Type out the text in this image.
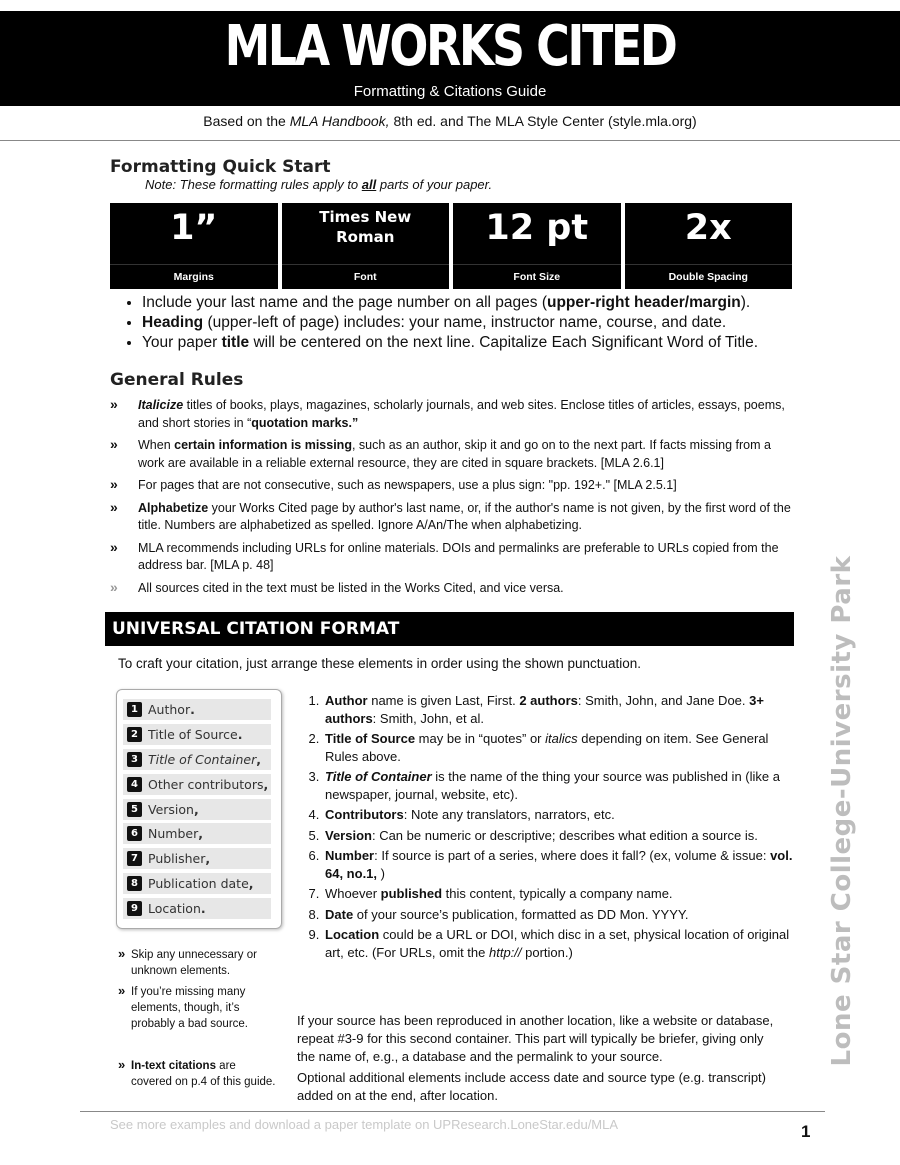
MLA WORKS CITED
Formatting & Citations Guide
Based on the MLA Handbook, 8th ed. and The MLA Style Center (style.mla.org)
Formatting Quick Start
Note: These formatting rules apply to all parts of your paper.
1”
Margins
Times New Roman
Font
12 pt
Font Size
2x
Double Spacing
• Include your last name and the page number on all pages (upper-right header/margin).
• Heading (upper-left of page) includes: your name, instructor name, course, and date.
• Your paper title will be centered on the next line. Capitalize Each Significant Word of Title.
General Rules
» Italicize titles of books, plays, magazines, scholarly journals, and web sites. Enclose titles of articles, essays, poems, and short stories in “quotation marks.”
» When certain information is missing, such as an author, skip it and go on to the next part. If facts missing from a work are available in a reliable external resource, they are cited in square brackets. [MLA 2.6.1]
» For pages that are not consecutive, such as newspapers, use a plus sign: "pp. 192+." [MLA 2.5.1]
» Alphabetize your Works Cited page by author's last name, or, if the author's name is not given, by the first word of the title. Numbers are alphabetized as spelled. Ignore A/An/The when alphabetizing.
» MLA recommends including URLs for online materials. DOIs and permalinks are preferable to URLs copied from the address bar. [MLA p. 48]
» All sources cited in the text must be listed in the Works Cited, and vice versa.
UNIVERSAL CITATION FORMAT
To craft your citation, just arrange these elements in order using the shown punctuation.
1 Author .
2 Title of Source .
3 Title of Container ,
4 Other contributors ,
5 Version ,
6 Number ,
7 Publisher ,
8 Publication date ,
9 Location .
» Skip any unnecessary or unknown elements.
» If you’re missing many elements, though, it’s probably a bad source.
» In-text citations are covered on p.4 of this guide.
1. Author name is given Last, First. 2 authors: Smith, John, and Jane Doe. 3+ authors: Smith, John, et al.
2. Title of Source may be in “quotes” or italics depending on item. See General Rules above.
3. Title of Container is the name of the thing your source was published in (like a newspaper, journal, website, etc).
4. Contributors: Note any translators, narrators, etc.
5. Version: Can be numeric or descriptive; describes what edition a source is.
6. Number: If source is part of a series, where does it fall? (ex, volume & issue: vol. 64, no.1, )
7. Whoever published this content, typically a company name.
8. Date of your source’s publication, formatted as DD Mon. YYYY.
9. Location could be a URL or DOI, which disc in a set, physical location of original art, etc. (For URLs, omit the http:// portion.)
If your source has been reproduced in another location, like a website or database, repeat #3-9 for this second container. This part will typically be briefer, giving only the name of, e.g., a database and the permalink to your source.
Optional additional elements include access date and source type (e.g. transcript) added on at the end, after location.
Lone Star College-University Park
See more examples and download a paper template on UPResearch.LoneStar.edu/MLA	1
